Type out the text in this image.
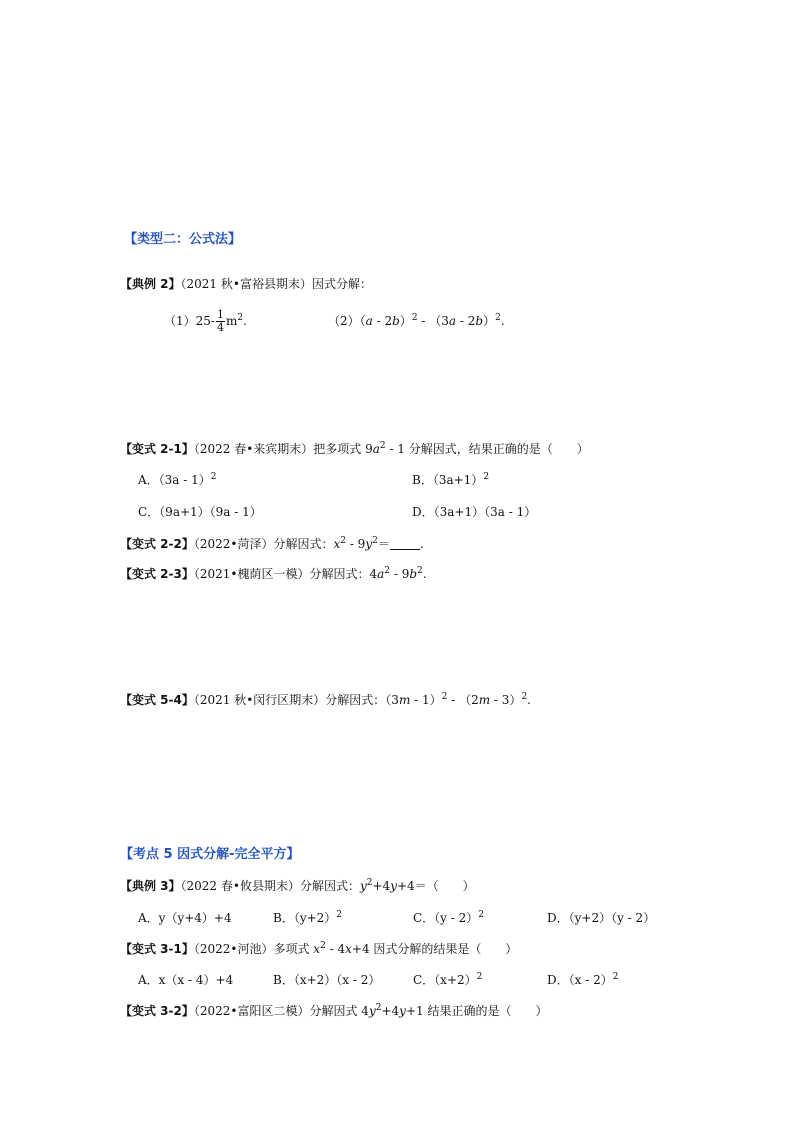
【类型二：公式法】
【典例 2】（2021 秋•富裕县期末）因式分解：
$(1)25- \frac{1}{4} m^2$.	（2）（a - 2b）$^2$ - （3a - 2b）$^2$.
【变式 2-1】（2022 春•来宾期末）把多项式 $9a^2 - 1$ 分解因式，结果正确的是（　　）
A．（3a - 1）$^2$	B．$(3a+1)^2$
C．（9a+1）（9a - 1）	D．（3a+1）（3a - 1）
【变式 2-2】（2022•菏泽）分解因式：$x^2 - 9y^2=$	.
【变式 2-3】（2021•槐荫区一模）分解因式：$4a^2 - 9b^2$.
【变式 5-4】（2021 秋•闵行区期末）分解因式：（3m - 1）$^2$ - （2m - 3）$^2$.
【考点 5 因式分解-完全平方】
【典例 3】（2022 春•攸县期末）分解因式：$y^2+4y+4=$（　　）
A．y（y+4）+4	B．$(y+2)^2$	C．（y - 2）$^2$	D．（y+2）（y - 2）
【变式 3-1】（2022•河池）多项式 $x^2 - 4x+4$ 因式分解的结果是（　　）
A．x（x - 4）+4	B．（x+2）（x - 2）	C．$(x+2)^2$	D．（x - 2）$^2$
【变式 3-2】（2022•富阳区二模）分解因式 $4y^2+4y+1$ 结果正确的是（　　）
